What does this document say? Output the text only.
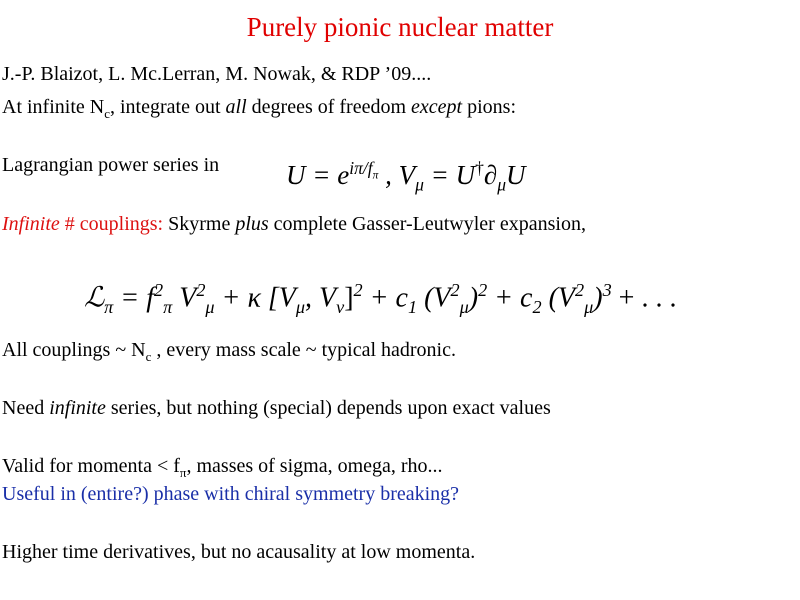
Purely pionic nuclear matter
J.-P. Blaizot, L. Mc.Lerran, M. Nowak, & RDP ’09....
At infinite $N_c$, integrate out all degrees of freedom except pions:
Lagrangian power series in $U = e^{i\pi/f_\pi}$ , $V_\mu = U^\dagger\partial_\mu U$
Infinite # couplings: Skyrme plus complete Gasser-Leutwyler expansion,
ℒ$_\pi$ = $f^2_\pi$ $V^2_\mu + \kappa$ [$V_\mu$, $V_\nu]^2 + c_1$ $(V^2_\mu)^2 + c_2$ $(V^2_\mu)^3$ + . . .
All couplings ~ $N_c$ , every mass scale ~ typical hadronic.
Need infinite series, but nothing (special) depends upon exact values
Valid for momenta < $f_\pi$, masses of sigma, omega, rho...
Useful in (entire?) phase with chiral symmetry breaking?
Higher time derivatives, but no acausality at low momenta.
